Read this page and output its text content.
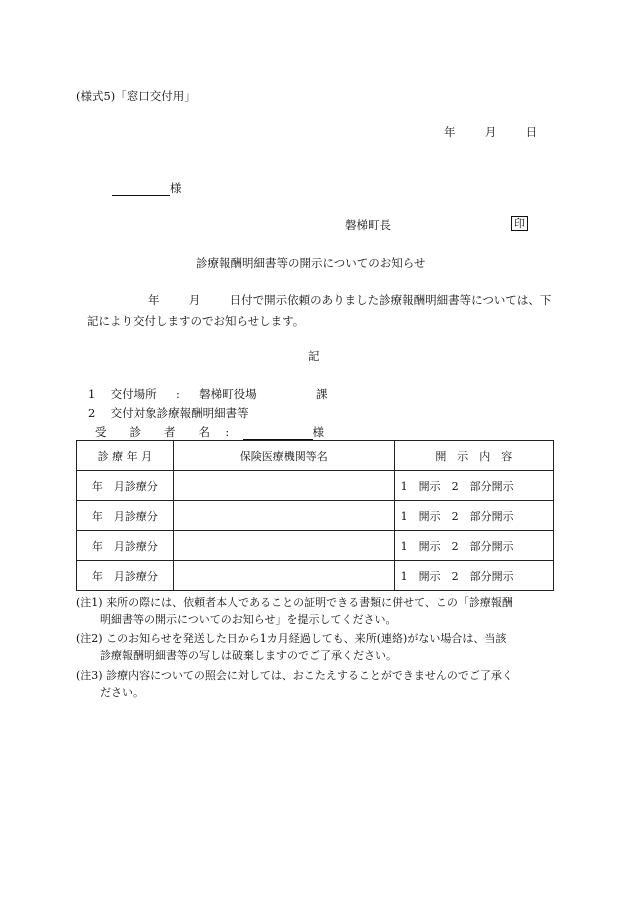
(様式5)「窓口交付用」
年	月	日
様
磐梯町長	印
診療報酬明細書等の開示についてのお知らせ
年	月	日付で開示依頼のありました診療報酬明細書等については、下
記により交付しますのでお知らせします。
記
1 交付場所 : 磐梯町役場	課
2 交付対象診療報酬明細書等
受　　診　　者　　名 :	様
診 療 年 月	保険医療機関等名	開　示　内　容
年　月診療分		1　開示　2　部分開示
年　月診療分		1　開示　2　部分開示
年　月診療分		1　開示　2　部分開示
年　月診療分		1　開示　2　部分開示
(注1) 来所の際には、依頼者本人であることの証明できる書類に併せて、この「診療報酬
明細書等の開示についてのお知らせ」を提示してください。
(注2) このお知らせを発送した日から1カ月経過しても、来所(連絡)がない場合は、当該
診療報酬明細書等の写しは破棄しますのでご了承ください。
(注3) 診療内容についての照会に対しては、おこたえすることができませんのでご了承く
ださい。
